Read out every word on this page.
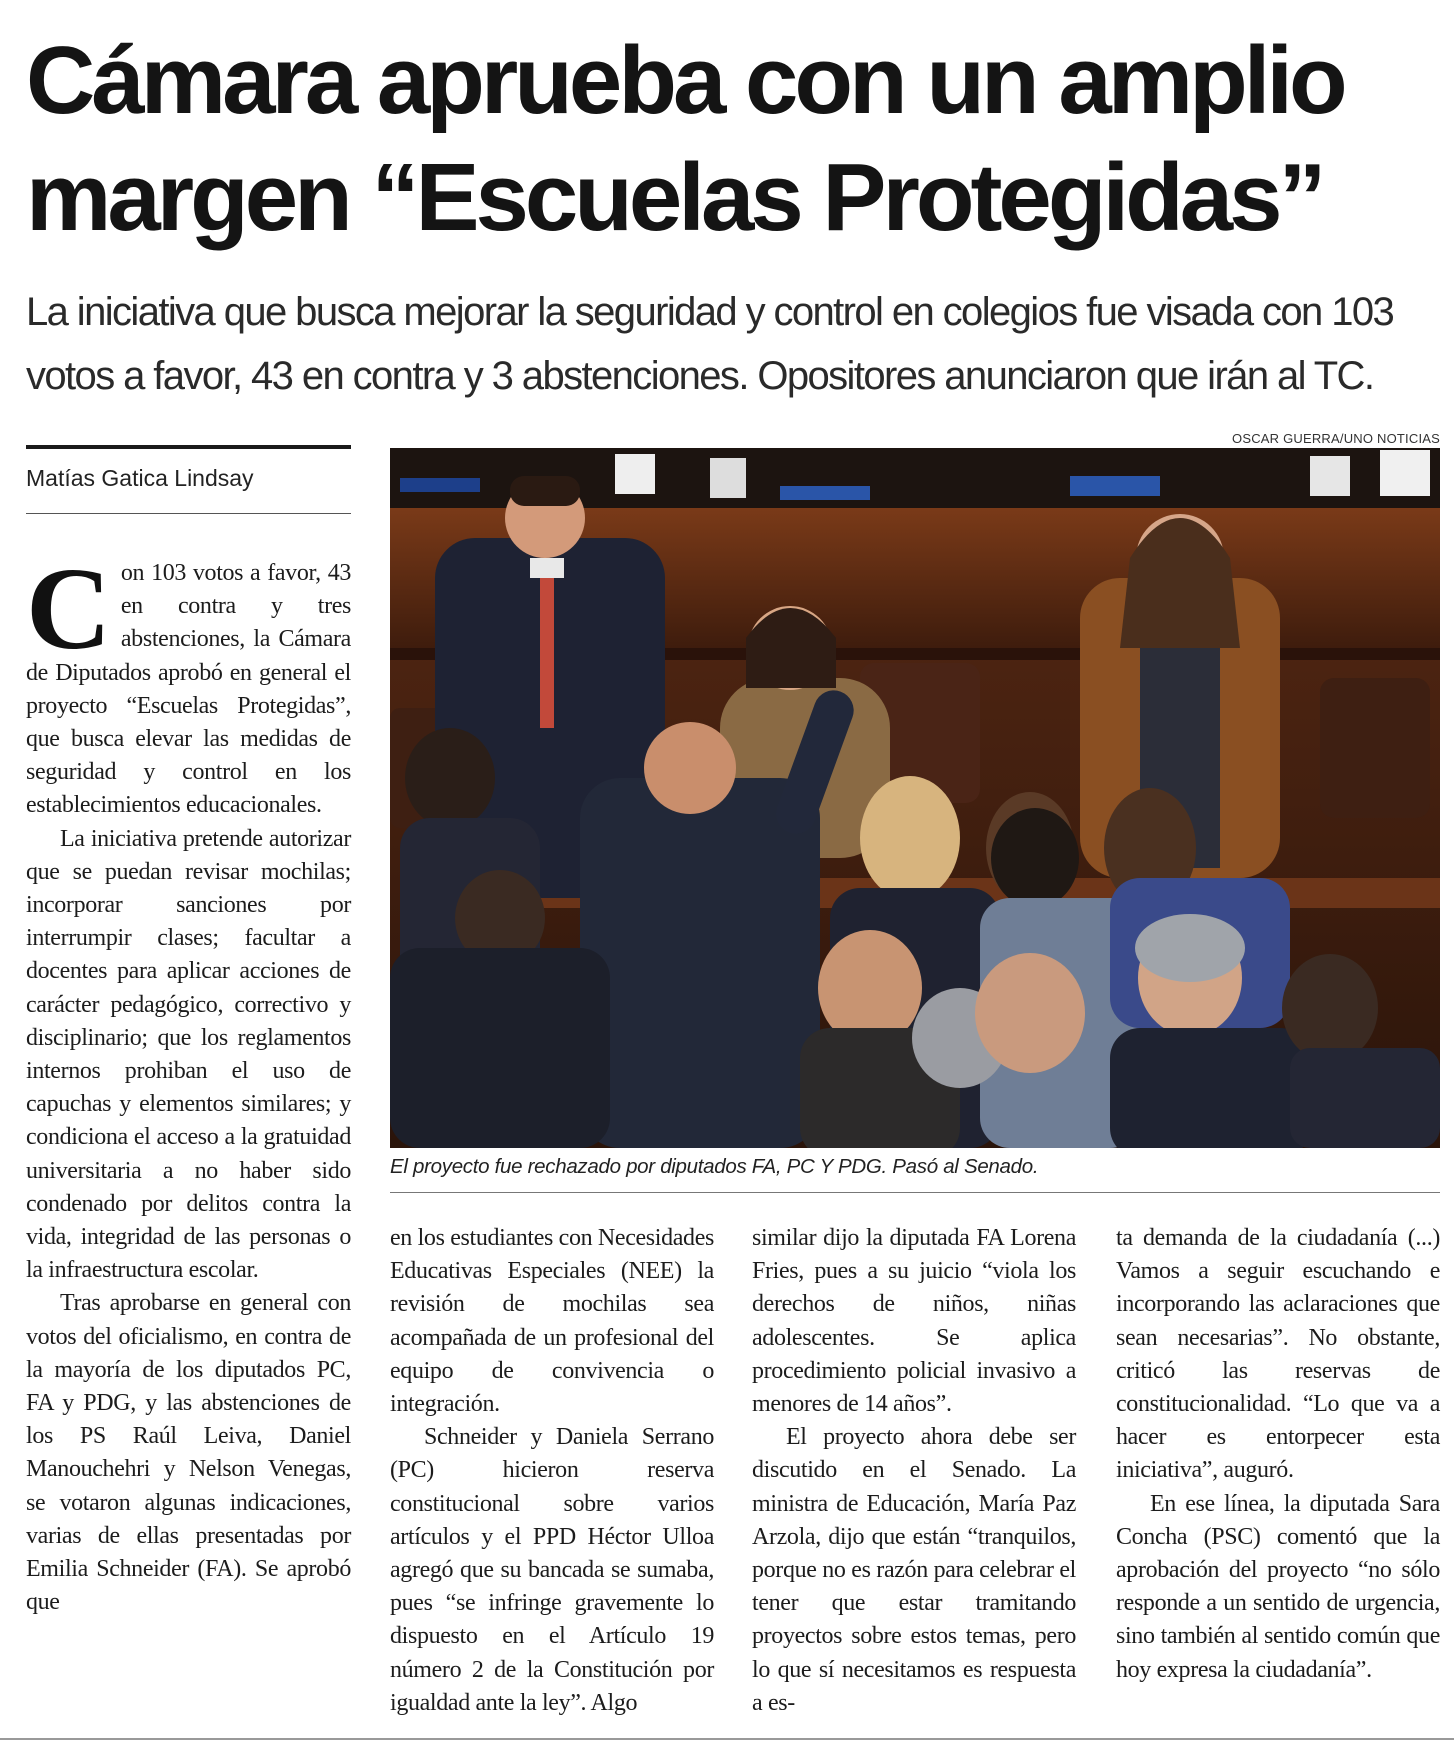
Cámara aprueba con un amplio
margen “Escuelas Protegidas”

La iniciativa que busca mejorar la seguridad y control en colegios fue visada con 103 votos a favor, 43 en contra y 3 abstenciones. Opositores anunciaron que irán al TC.

Matías Gatica Lindsay
OSCAR GUERRA/UNO NOTICIAS
El proyecto fue rechazado por diputados FA, PC Y PDG. Pasó al Senado.
C on 103 votos a favor, 43 en contra y tres abstenciones, la Cámara de Diputados aprobó en general el proyecto “Escuelas Protegidas”, que busca elevar las medidas de seguridad y control en los establecimientos educacionales.

La iniciativa pretende autorizar que se puedan revisar mochilas; incorporar sanciones por interrumpir clases; facultar a docentes para aplicar acciones de carácter pedagógico, correctivo y disciplinario; que los reglamentos internos prohiban el uso de capuchas y elementos similares; y condiciona el acceso a la gratuidad universitaria a no haber sido condenado por delitos contra la vida, integridad de las personas o la infraestructura escolar.

Tras aprobarse en general con votos del oficialismo, en contra de la mayoría de los diputados PC, FA y PDG, y las abstenciones de los PS Raúl Leiva, Daniel Manouchehri y Nelson Venegas, se votaron algunas indicaciones, varias de ellas presentadas por Emilia Schneider (FA). Se aprobó que

en los estudiantes con Necesidades Educativas Especiales (NEE) la revisión de mochilas sea acompañada de un profesional del equipo de convivencia o integración.

Schneider y Daniela Serrano (PC) hicieron reserva constitucional sobre varios artículos y el PPD Héctor Ulloa agregó que su bancada se sumaba, pues “se infringe gravemente lo dispuesto en el Artículo 19 número 2 de la Constitución por igualdad ante la ley”. Algo

similar dijo la diputada FA Lorena Fries, pues a su juicio “viola los derechos de niños, niñas adolescentes. Se aplica procedimiento policial invasivo a menores de 14 años”.

El proyecto ahora debe ser discutido en el Senado. La ministra de Educación, María Paz Arzola, dijo que están “tranquilos, porque no es razón para celebrar el tener que estar tramitando proyectos sobre estos temas, pero lo que sí necesitamos es respuesta a es-

ta demanda de la ciudadanía (...) Vamos a seguir escuchando e incorporando las aclaraciones que sean necesarias”. No obstante, criticó las reservas de constitucionalidad. “Lo que va a hacer es entorpecer esta iniciativa”, auguró.

En ese línea, la diputada Sara Concha (PSC) comentó que la aprobación del proyecto “no sólo responde a un sentido de urgencia, sino también al sentido común que hoy expresa la ciudadanía”.
